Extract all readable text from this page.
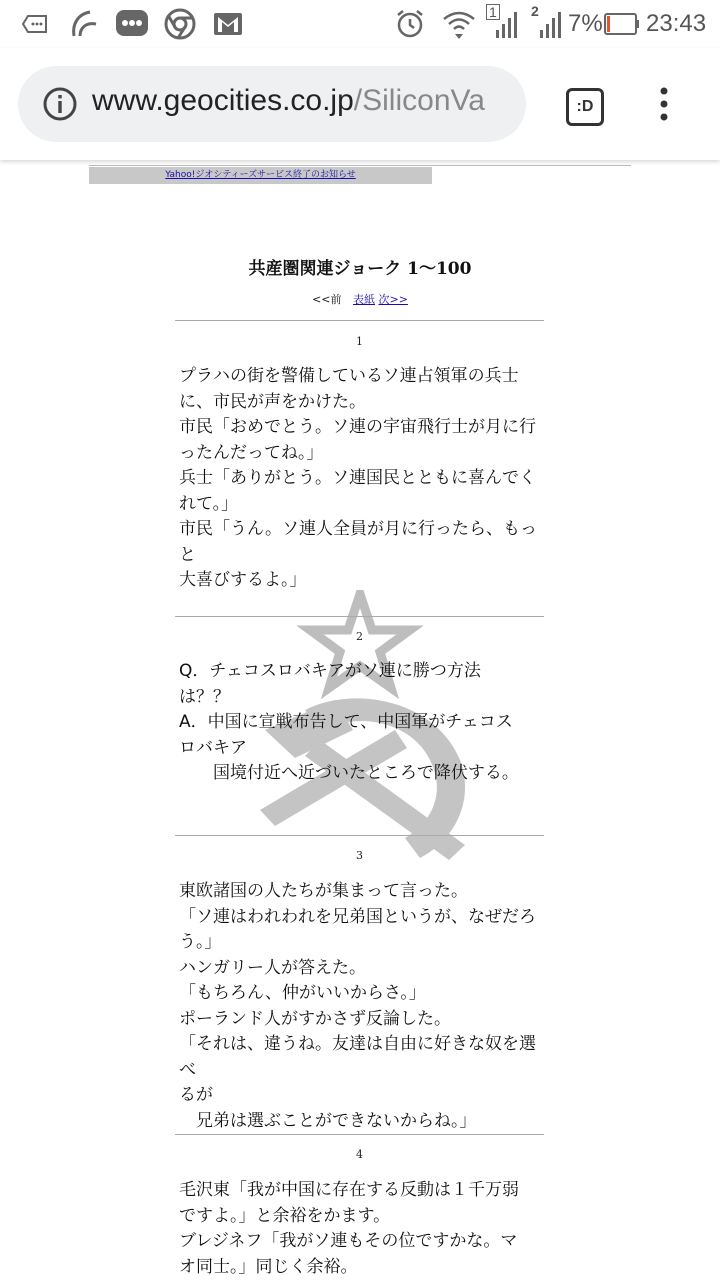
1 2 7% 23:43
www.geocities.co.jp/SiliconVa	:D
Yahoo!ジオシティーズサービス終了のお知らせ
共産圏関連ジョーク 1〜100
<<前 表紙 次>>
1
プラハの街を警備しているソ連占領軍の兵士
に、市民が声をかけた。
市民「おめでとう。ソ連の宇宙飛行士が月に行
ったんだってね。」
兵士「ありがとう。ソ連国民とともに喜んでく
れて。」
市民「うん。ソ連人全員が月に行ったら、もっと
大喜びするよ。」
2
Q．チェコスロバキアがソ連に勝つ方法
は？？
A．中国に宣戦布告して、中国軍がチェコス
ロバキア
　　国境付近へ近づいたところで降伏する。
3
東欧諸国の人たちが集まって言った。
「ソ連はわれわれを兄弟国というが、なぜだろ
う。」
ハンガリー人が答えた。
「もちろん、仲がいいからさ。」
ポーランド人がすかさず反論した。
「それは、違うね。友達は自由に好きな奴を選べ
るが
　兄弟は選ぶことができないからね。」
4
毛沢東「我が中国に存在する反動は１千万弱
ですよ。」と余裕をかます。
ブレジネフ「我がソ連もその位ですかな。マ
オ同士。」同じく余裕。
